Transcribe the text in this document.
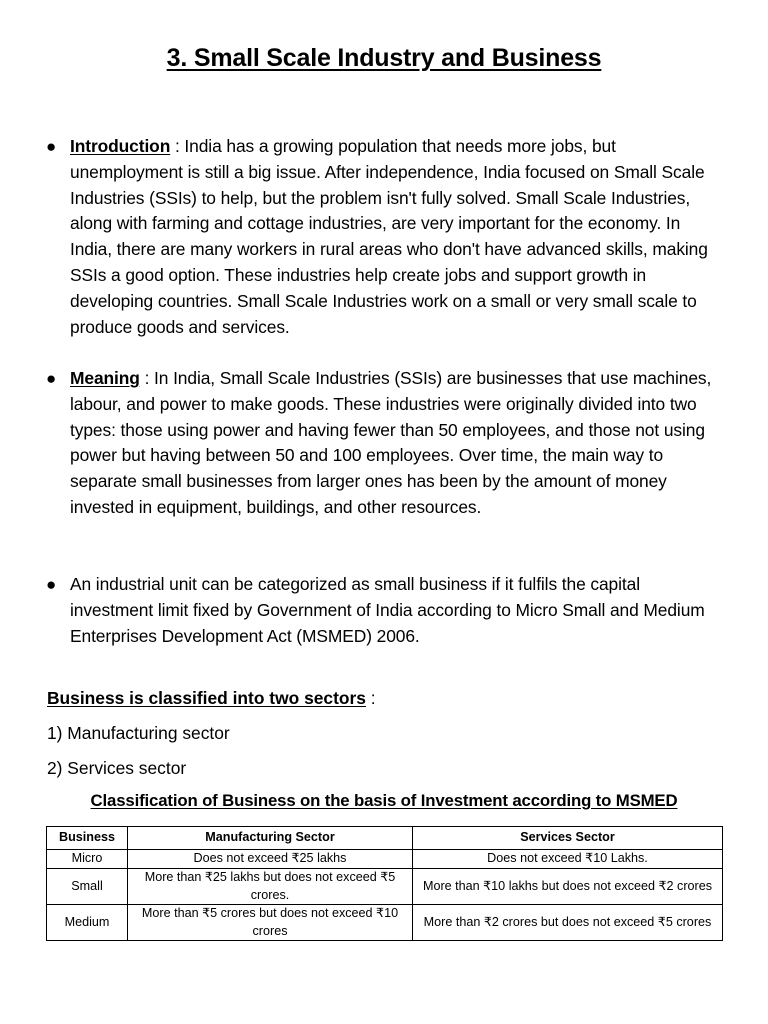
3. Small Scale Industry and Business
● Introduction : India has a growing population that needs more jobs, but unemployment is still a big issue. After independence, India focused on Small Scale Industries (SSIs) to help, but the problem isn't fully solved. Small Scale Industries, along with farming and cottage industries, are very important for the economy. In India, there are many workers in rural areas who don't have advanced skills, making SSIs a good option. These industries help create jobs and support growth in developing countries. Small Scale Industries work on a small or very small scale to produce goods and services.
● Meaning : In India, Small Scale Industries (SSIs) are businesses that use machines, labour, and power to make goods. These industries were originally divided into two types: those using power and having fewer than 50 employees, and those not using power but having between 50 and 100 employees. Over time, the main way to separate small businesses from larger ones has been by the amount of money invested in equipment, buildings, and other resources.
● An industrial unit can be categorized as small business if it fulfils the capital investment limit fixed by Government of India according to Micro Small and Medium Enterprises Development Act (MSMED) 2006.
Business is classified into two sectors :
1) Manufacturing sector
2) Services sector
Classification of Business on the basis of Investment according to MSMED
Business	Manufacturing Sector	Services Sector
Micro	Does not exceed ₹25 lakhs	Does not exceed ₹10 Lakhs.
Small	More than ₹25 lakhs but does not exceed ₹5 crores.	More than ₹10 lakhs but does not exceed ₹2 crores
Medium	More than ₹5 crores but does not exceed ₹10 crores	More than ₹2 crores but does not exceed ₹5 crores
